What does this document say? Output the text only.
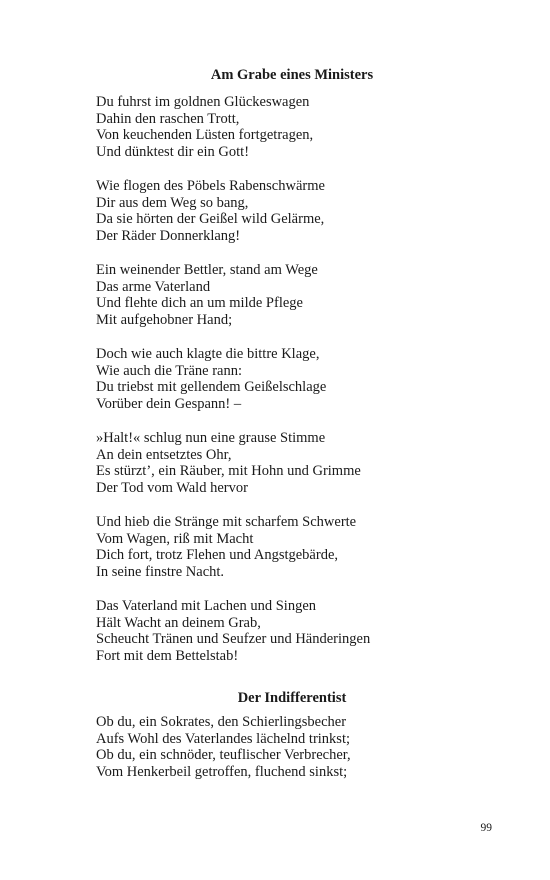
Am Grabe eines Ministers

Du fuhrst im goldnen Glückeswagen
Dahin den raschen Trott,
Von keuchenden Lüsten fortgetragen,
Und dünktest dir ein Gott!

Wie flogen des Pöbels Rabenschwärme
Dir aus dem Weg so bang,
Da sie hörten der Geißel wild Gelärme,
Der Räder Donnerklang!

Ein weinender Bettler, stand am Wege
Das arme Vaterland
Und flehte dich an um milde Pflege
Mit aufgehobner Hand;

Doch wie auch klagte die bittre Klage,
Wie auch die Träne rann:
Du triebst mit gellendem Geißelschlage
Vorüber dein Gespann! –

»Halt!« schlug nun eine grause Stimme
An dein entsetztes Ohr,
Es stürzt’, ein Räuber, mit Hohn und Grimme
Der Tod vom Wald hervor

Und hieb die Stränge mit scharfem Schwerte
Vom Wagen, riß mit Macht
Dich fort, trotz Flehen und Angstgebärde,
In seine finstre Nacht.

Das Vaterland mit Lachen und Singen
Hält Wacht an deinem Grab,
Scheucht Tränen und Seufzer und Händeringen
Fort mit dem Bettelstab!

Der Indifferentist

Ob du, ein Sokrates, den Schierlingsbecher
Aufs Wohl des Vaterlandes lächelnd trinkst;
Ob du, ein schnöder, teuflischer Verbrecher,
Vom Henkerbeil getroffen, fluchend sinkst;

99
